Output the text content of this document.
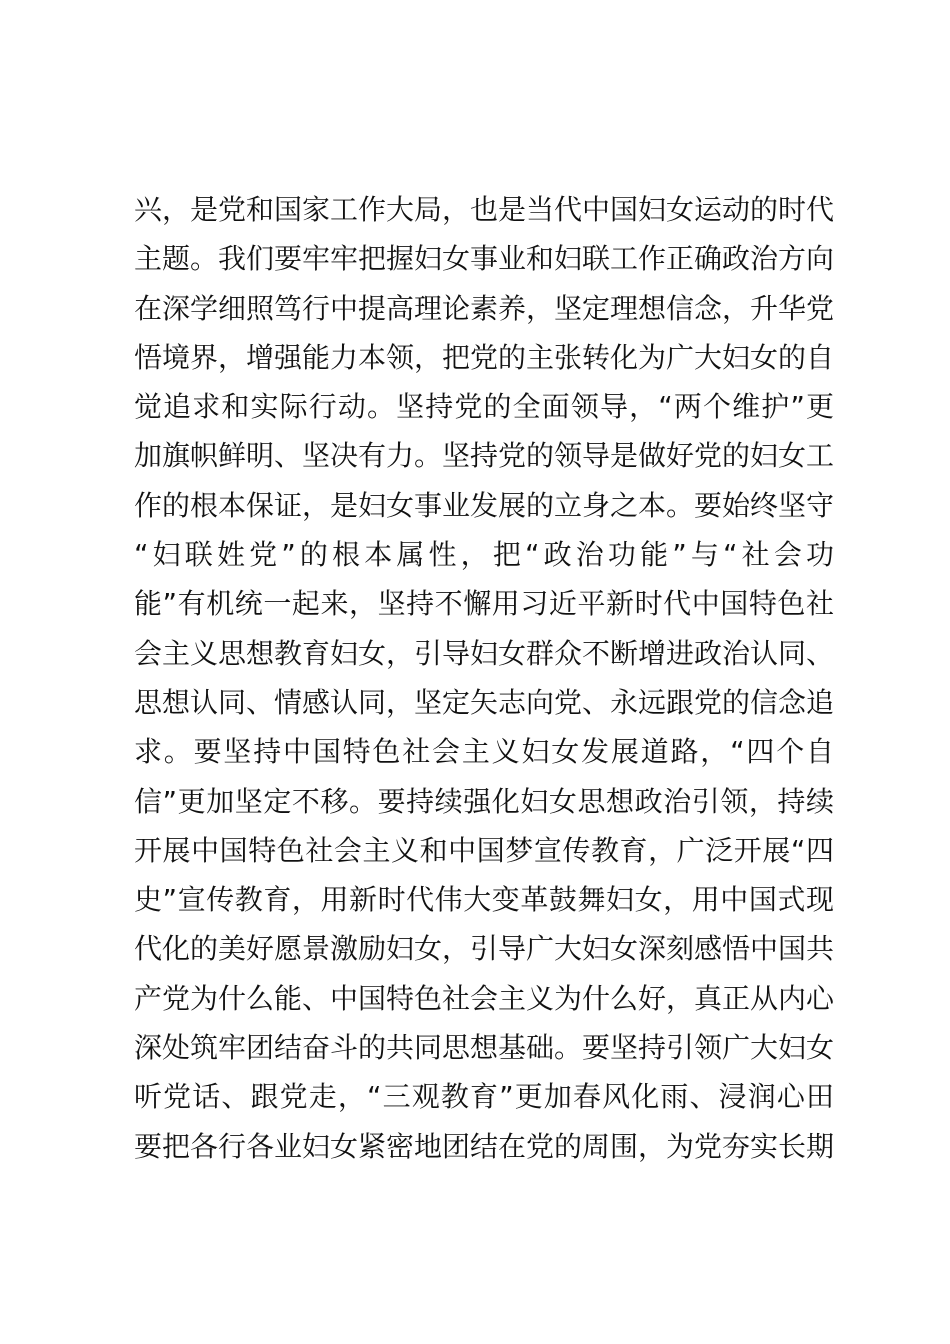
兴，是党和国家工作大局，也是当代中国妇女运动的时代
主题。我们要牢牢把握妇女事业和妇联工作正确政治方向
在深学细照笃行中提高理论素养，坚定理想信念，升华党
悟境界，增强能力本领，把党的主张转化为广大妇女的自
觉追求和实际行动。坚持党的全面领导，“两个维护”更
加旗帜鲜明、坚决有力。坚持党的领导是做好党的妇女工
作的根本保证，是妇女事业发展的立身之本。要始终坚守
“妇联姓党”的根本属性，把“政治功能”与“社会功
能”有机统一起来，坚持不懈用习近平新时代中国特色社
会主义思想教育妇女，引导妇女群众不断增进政治认同、
思想认同、情感认同，坚定矢志向党、永远跟党的信念追
求。要坚持中国特色社会主义妇女发展道路，“四个自
信”更加坚定不移。要持续强化妇女思想政治引领，持续
开展中国特色社会主义和中国梦宣传教育，广泛开展“四
史”宣传教育，用新时代伟大变革鼓舞妇女，用中国式现
代化的美好愿景激励妇女，引导广大妇女深刻感悟中国共
产党为什么能、中国特色社会主义为什么好，真正从内心
深处筑牢团结奋斗的共同思想基础。要坚持引领广大妇女
听党话、跟党走，“三观教育”更加春风化雨、浸润心田
要把各行各业妇女紧密地团结在党的周围，为党夯实长期
